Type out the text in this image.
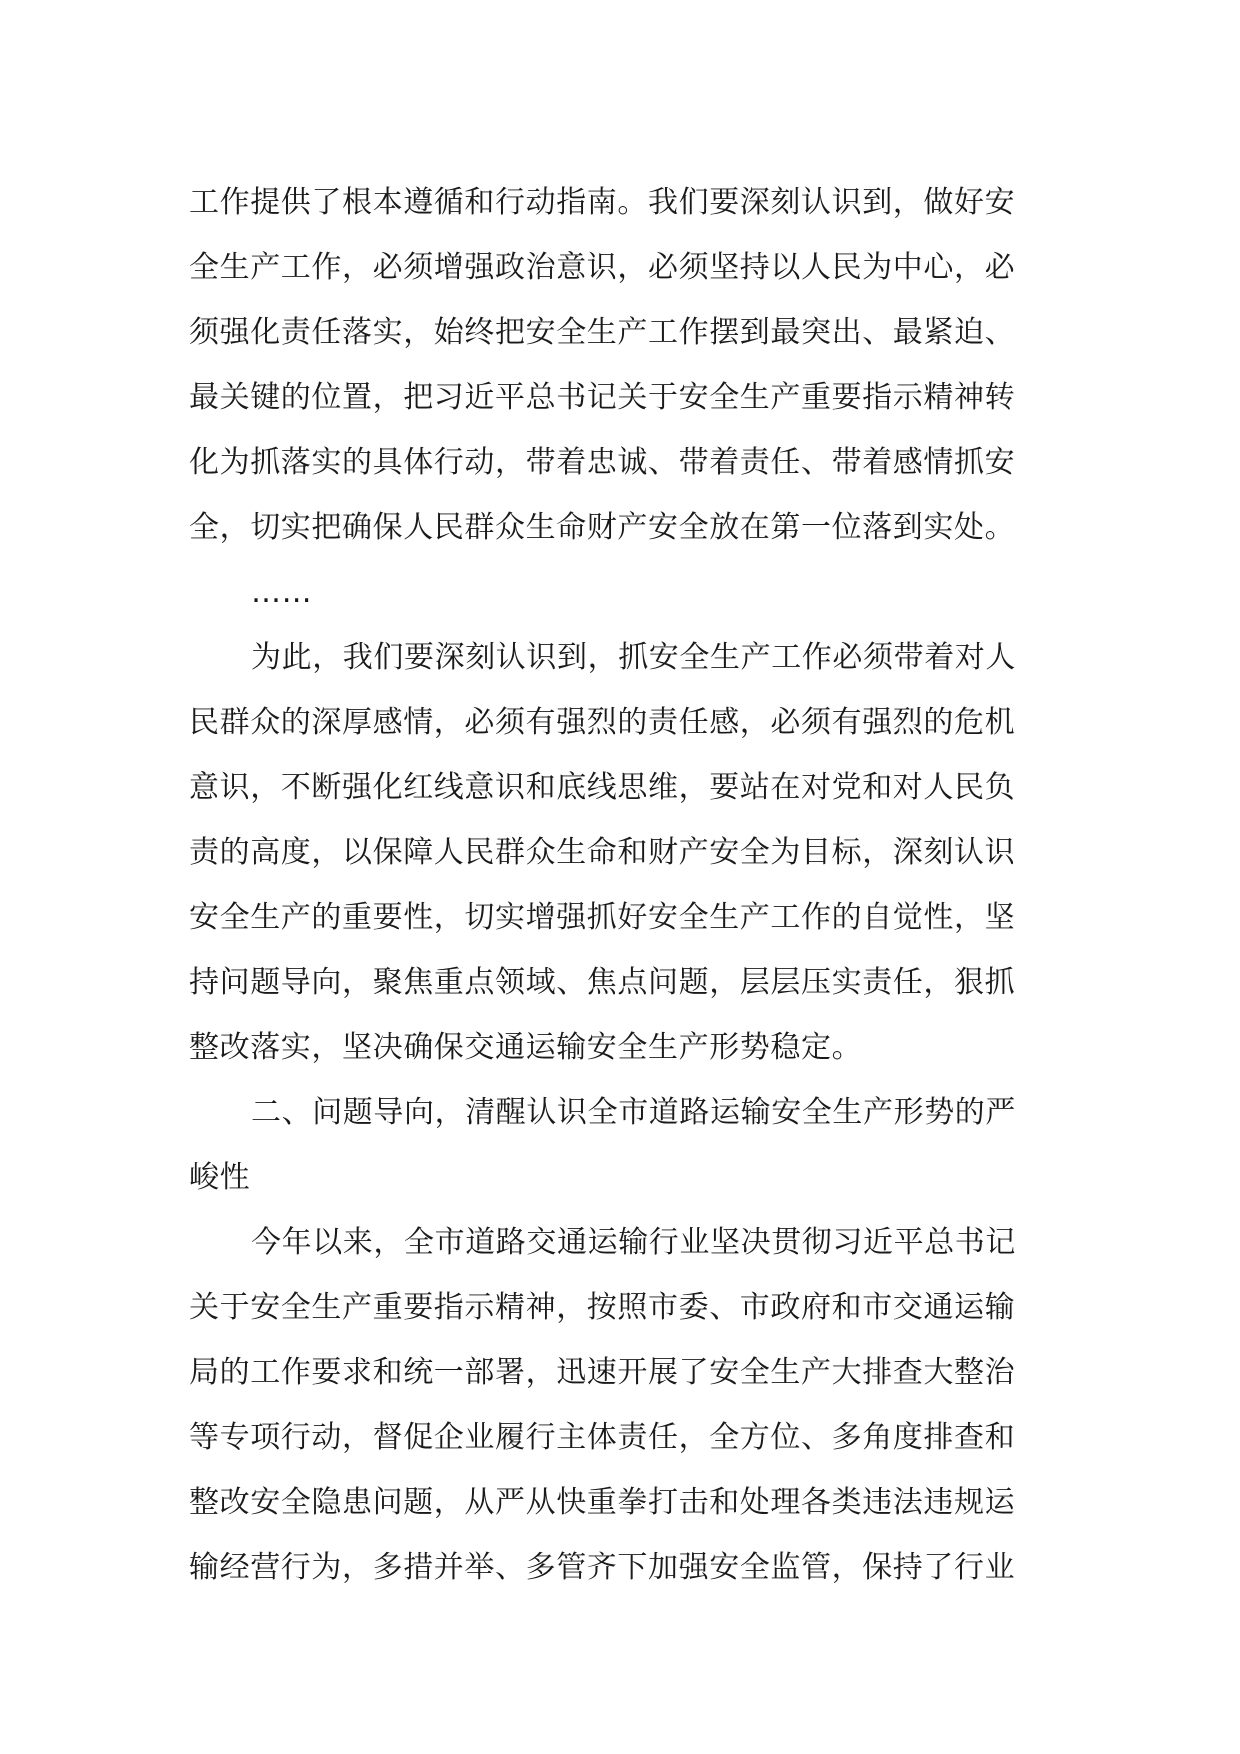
工作提供了根本遵循和行动指南。我们要深刻认识到，做好安
全生产工作，必须增强政治意识，必须坚持以人民为中心，必
须强化责任落实，始终把安全生产工作摆到最突出、最紧迫、
最关键的位置，把习近平总书记关于安全生产重要指示精神转
化为抓落实的具体行动，带着忠诚、带着责任、带着感情抓安
全，切实把确保人民群众生命财产安全放在第一位落到实处。
……
为此，我们要深刻认识到，抓安全生产工作必须带着对人
民群众的深厚感情，必须有强烈的责任感，必须有强烈的危机
意识，不断强化红线意识和底线思维，要站在对党和对人民负
责的高度，以保障人民群众生命和财产安全为目标，深刻认识
安全生产的重要性，切实增强抓好安全生产工作的自觉性，坚
持问题导向，聚焦重点领域、焦点问题，层层压实责任，狠抓
整改落实，坚决确保交通运输安全生产形势稳定。
二、问题导向，清醒认识全市道路运输安全生产形势的严
峻性
今年以来，全市道路交通运输行业坚决贯彻习近平总书记
关于安全生产重要指示精神，按照市委、市政府和市交通运输
局的工作要求和统一部署，迅速开展了安全生产大排查大整治
等专项行动，督促企业履行主体责任，全方位、多角度排查和
整改安全隐患问题，从严从快重拳打击和处理各类违法违规运
输经营行为，多措并举、多管齐下加强安全监管，保持了行业
